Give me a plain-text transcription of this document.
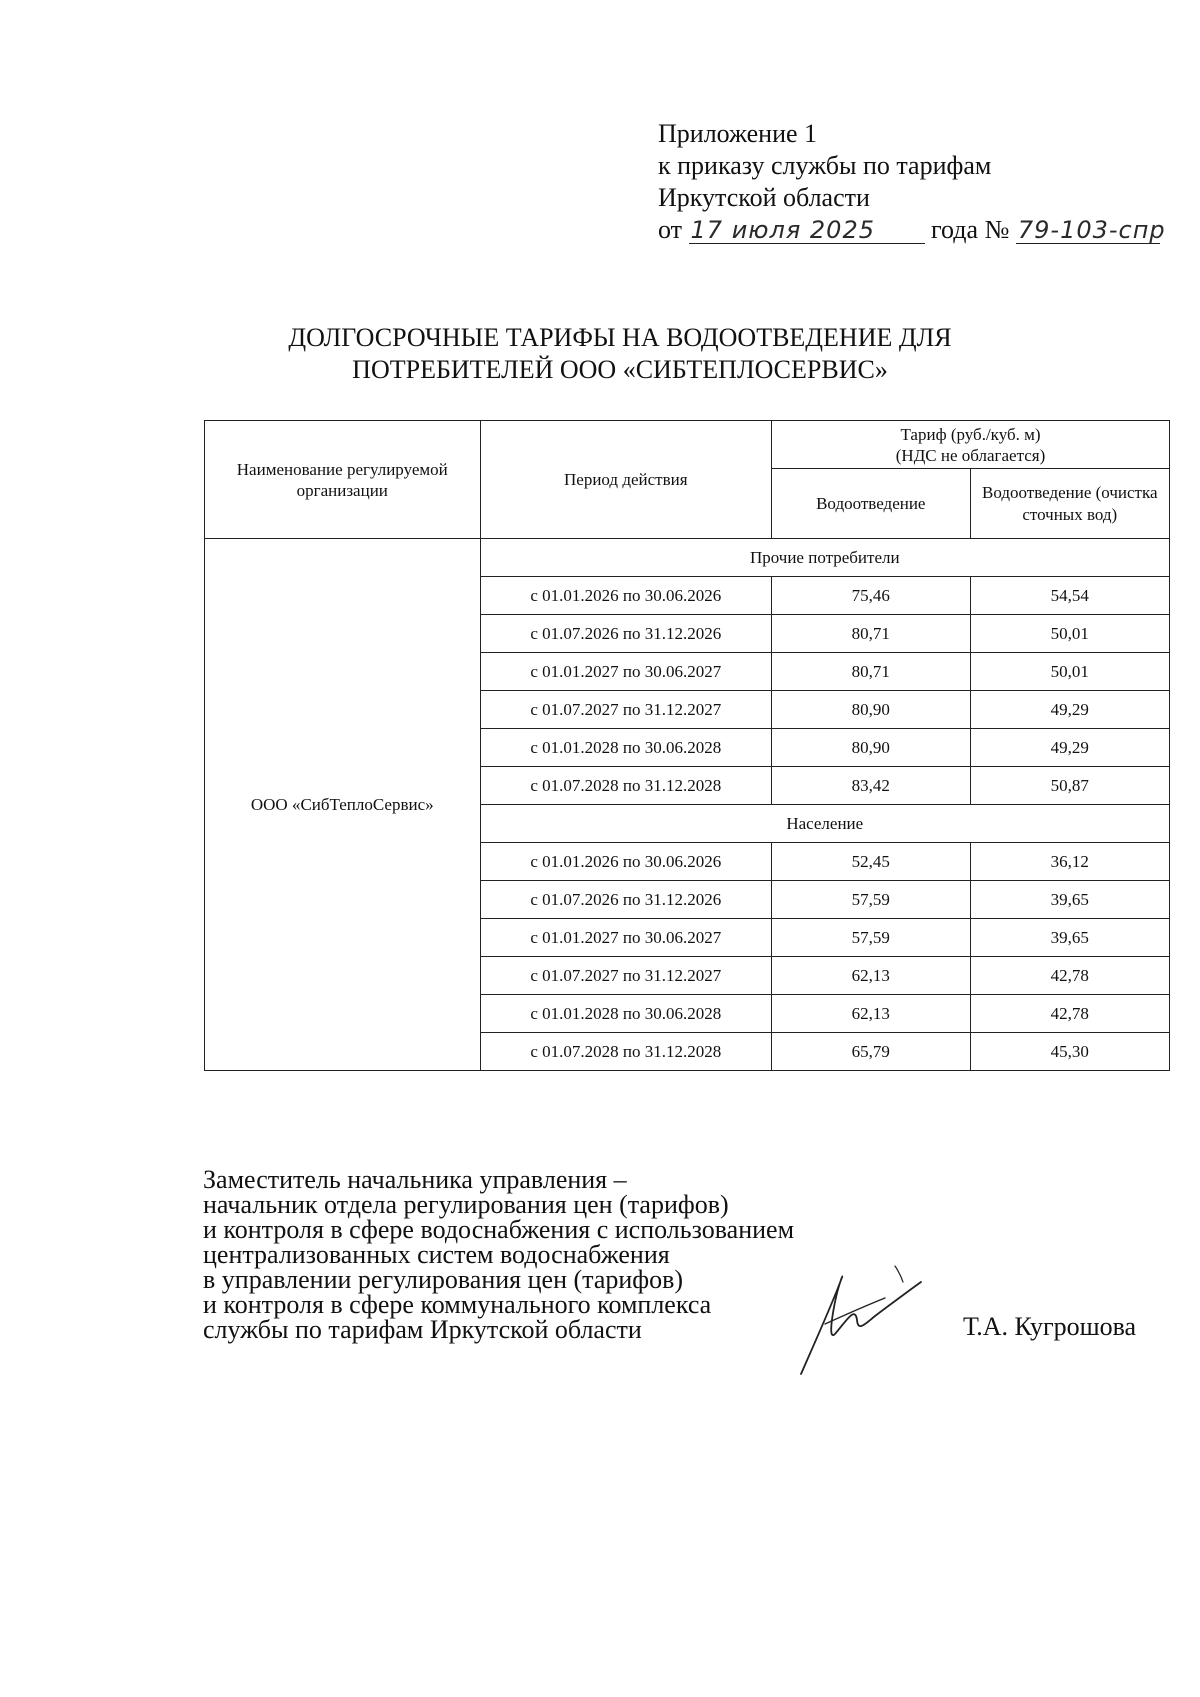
Приложение 1
к приказу службы по тарифам
Иркутской области
от 17 июля 2025 года № 79-103-спр
ДОЛГОСРОЧНЫЕ ТАРИФЫ НА ВОДООТВЕДЕНИЕ ДЛЯ
ПОТРЕБИТЕЛЕЙ ООО «СИБТЕПЛОСЕРВИС»
Наименование регулируемой организации	Период действия	Тариф (руб./куб. м)
(НДС не облагается)	

		Водоотведение	Водоотведение (очистка сточных вод)
ООО «СибТеплоСервис»	Прочие потребители		
	с 01.01.2026 по 30.06.2026	75,46	54,54
	с 01.07.2026 по 31.12.2026	80,71	50,01
	с 01.01.2027 по 30.06.2027	80,71	50,01
	с 01.07.2027 по 31.12.2027	80,90	49,29
	с 01.01.2028 по 30.06.2028	80,90	49,29
	с 01.07.2028 по 31.12.2028	83,42	50,87
	Население		
	с 01.01.2026 по 30.06.2026	52,45	36,12
	с 01.07.2026 по 31.12.2026	57,59	39,65
	с 01.01.2027 по 30.06.2027	57,59	39,65
	с 01.07.2027 по 31.12.2027	62,13	42,78
	с 01.01.2028 по 30.06.2028	62,13	42,78
	с 01.07.2028 по 31.12.2028	65,79	45,30
Заместитель начальника управления –
начальник отдела регулирования цен (тарифов)
и контроля в сфере водоснабжения с использованием
централизованных систем водоснабжения
в управлении регулирования цен (тарифов)
и контроля в сфере коммунального комплекса
службы по тарифам Иркутской области	Т.А. Кугрошова
